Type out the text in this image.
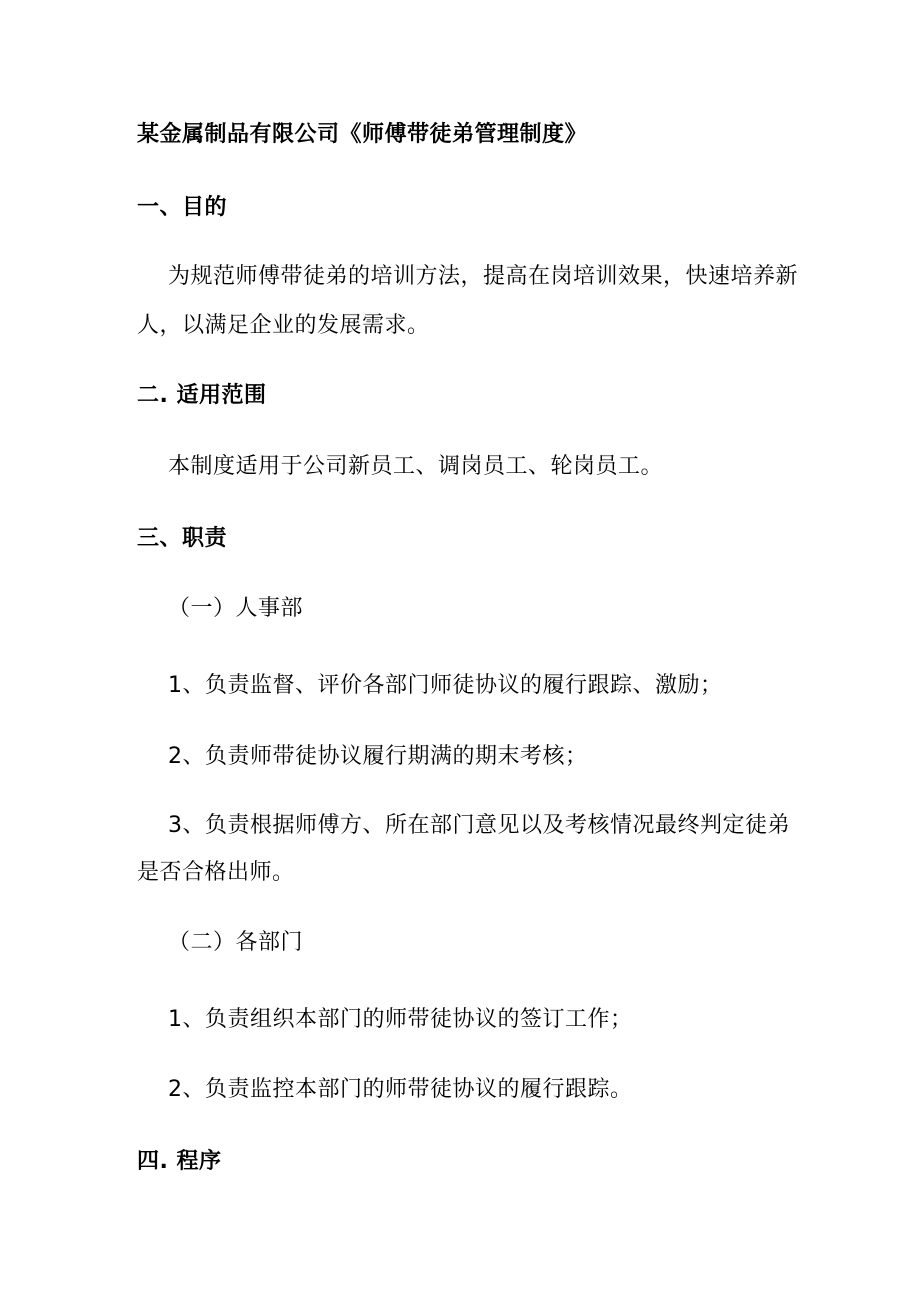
某金属制品有限公司《师傅带徒弟管理制度》
一、目的
为规范师傅带徒弟的培训方法，提高在岗培训效果，快速培养新
人，以满足企业的发展需求。
二. 适用范围
本制度适用于公司新员工、调岗员工、轮岗员工。
三、职责
（一）人事部
1、负责监督、评价各部门师徒协议的履行跟踪、激励；
2、负责师带徒协议履行期满的期末考核；
3、负责根据师傅方、所在部门意见以及考核情况最终判定徒弟
是否合格出师。
（二）各部门
1、负责组织本部门的师带徒协议的签订工作；
2、负责监控本部门的师带徒协议的履行跟踪。
四. 程序
